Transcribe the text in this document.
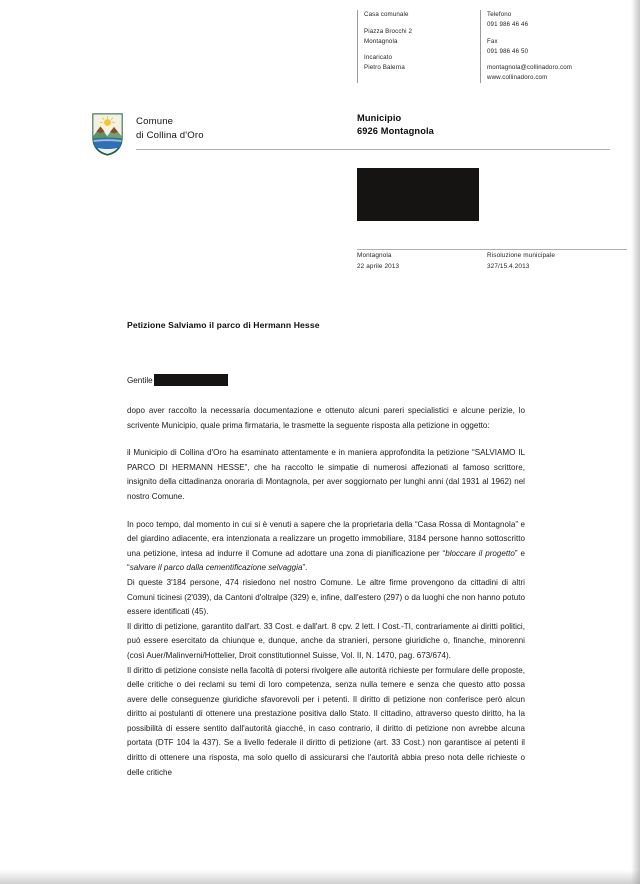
Casa comunale
Piazza Brocchi 2
Montagnola
Incaricato
Pietro Balerna
Telefono
091 986 46 46
Fax
091 986 46 50
montagnola@collinadoro.com
www.collinadoro.com
Comune
di Collina d'Oro
Municipio
6926 Montagnola
Montagnola
22 aprile 2013
Risoluzione municipale
327/15.4.2013
Petizione Salviamo il parco di Hermann Hesse
Gentile

dopo aver raccolto la necessaria documentazione e ottenuto alcuni pareri specialistici e alcune perizie, lo scrivente Municipio, quale prima firmataria, le trasmette la seguente risposta alla petizione in oggetto:

il Municipio di Collina d'Oro ha esaminato attentamente e in maniera approfondita la petizione “SALVIAMO IL PARCO DI HERMANN HESSE”, che ha raccolto le simpatie di numerosi affezionati al famoso scrittore, insignito della cittadinanza onoraria di Montagnola, per aver soggiornato per lunghi anni (dal 1931 al 1962) nel nostro Comune.

In poco tempo, dal momento in cui si è venuti a sapere che la proprietaria della “Casa Rossa di Montagnola” e del giardino adiacente, era intenzionata a realizzare un progetto immobiliare, 3184 persone hanno sottoscritto una petizione, intesa ad indurre il Comune ad adottare una zona di pianificazione per “bloccare il progetto” e “salvare il parco dalla cementificazione selvaggia”.

Di queste 3'184 persone, 474 risiedono nel nostro Comune. Le altre firme provengono da cittadini di altri Comuni ticinesi (2'039), da Cantoni d'oltralpe (329) e, infine, dall'estero (297) o da luoghi che non hanno potuto essere identificati (45).

Il diritto di petizione, garantito dall'art. 33 Cost. e dall'art. 8 cpv. 2 lett. I Cost.-TI, contrariamente ai diritti politici, può essere esercitato da chiunque e, dunque, anche da stranieri, persone giuridiche o, finanche, minorenni (così Auer/Malinverni/Hottelier, Droit constitutionnel Suisse, Vol. II, N. 1470, pag. 673/674).

Il diritto di petizione consiste nella facoltà di potersi rivolgere alle autorità richieste per formulare delle proposte, delle critiche o dei reclami su temi di loro competenza, senza nulla temere e senza che questo atto possa avere delle conseguenze giuridiche sfavorevoli per i petenti. Il diritto di petizione non conferisce però alcun diritto ai postulanti di ottenere una prestazione positiva dallo Stato. Il cittadino, attraverso questo diritto, ha la possibilità di essere sentito dall'autorità giacché, in caso contrario, il diritto di petizione non avrebbe alcuna portata (DTF 104 la 437). Se a livello federale il diritto di petizione (art. 33 Cost.) non garantisce ai petenti il diritto di ottenere una risposta, ma solo quello di assicurarsi che l'autorità abbia preso nota delle richieste o delle critiche
